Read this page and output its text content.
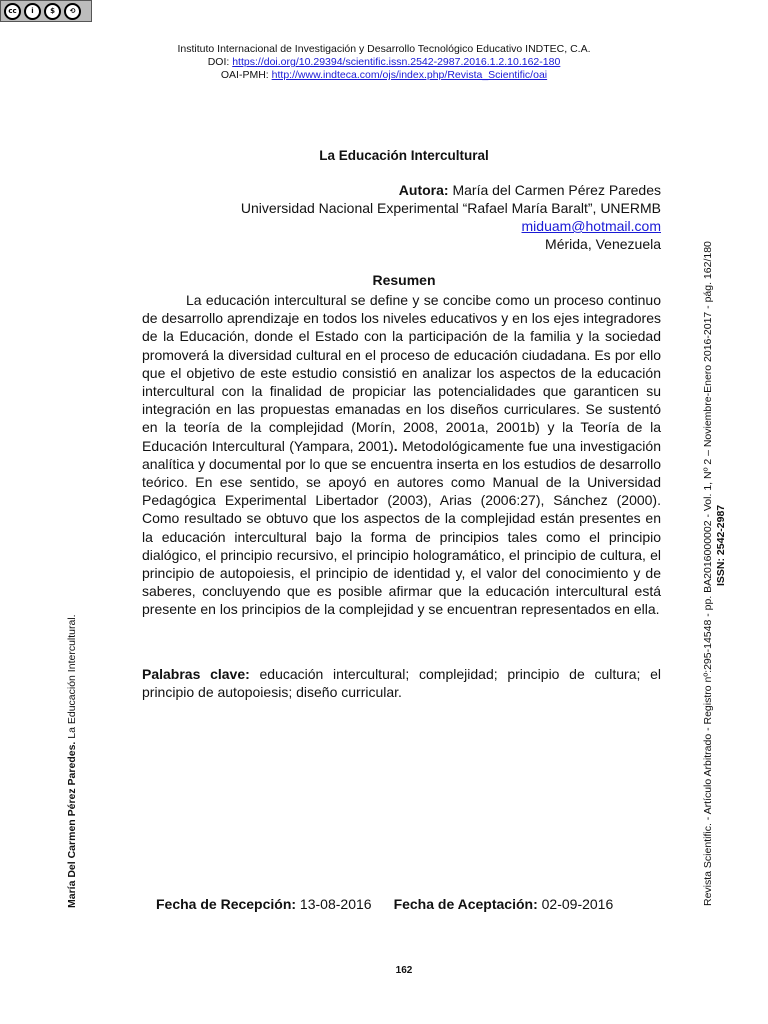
cc	i	$	⟲
Instituto Internacional de Investigación y Desarrollo Tecnológico Educativo INDTEC, C.A.
DOI: https://doi.org/10.29394/scientific.issn.2542-2987.2016.1.2.10.162-180
OAI-PMH: http://www.indteca.com/ojs/index.php/Revista_Scientific/oai
La Educación Intercultural
Autora: María del Carmen Pérez Paredes
Universidad Nacional Experimental “Rafael María Baralt”, UNERMB
miduam@hotmail.com
Mérida, Venezuela
Resumen

La educación intercultural se define y se concibe como un proceso continuo de desarrollo aprendizaje en todos los niveles educativos y en los ejes integradores de la Educación, donde el Estado con la participación de la familia y la sociedad promoverá la diversidad cultural en el proceso de educación ciudadana. Es por ello que el objetivo de este estudio consistió en analizar los aspectos de la educación intercultural con la finalidad de propiciar las potencialidades que garanticen su integración en las propuestas emanadas en los diseños curriculares. Se sustentó en la teoría de la complejidad (Morín, 2008, 2001a, 2001b) y la Teoría de la Educación Intercultural (Yampara, 2001). Metodológicamente fue una investigación analítica y documental por lo que se encuentra inserta en los estudios de desarrollo teórico. En ese sentido, se apoyó en autores como Manual de la Universidad Pedagógica Experimental Libertador (2003), Arias (2006:27), Sánchez (2000). Como resultado se obtuvo que los aspectos de la complejidad están presentes en la educación intercultural bajo la forma de principios tales como el principio dialógico, el principio recursivo, el principio hologramático, el principio de cultura, el principio de autopoiesis, el principio de identidad y, el valor del conocimiento y de saberes, concluyendo que es posible afirmar que la educación intercultural está presente en los principios de la complejidad y se encuentran representados en ella.

Palabras clave: educación intercultural; complejidad; principio de cultura; el principio de autopoiesis; diseño curricular.

Fecha de Recepción: 13-08-2016 Fecha de Aceptación: 02-09-2016
162
María Del Carmen Pérez Paredes. La Educación Intercultural.	Revista Scientific. - Artículo Arbitrado - Registro nº:295-14548 - pp. BA2016000002 - Vol. 1, Nº 2 – Noviembre-Enero 2016-2017 - pág. 162/180 ISSN: 2542-2987
